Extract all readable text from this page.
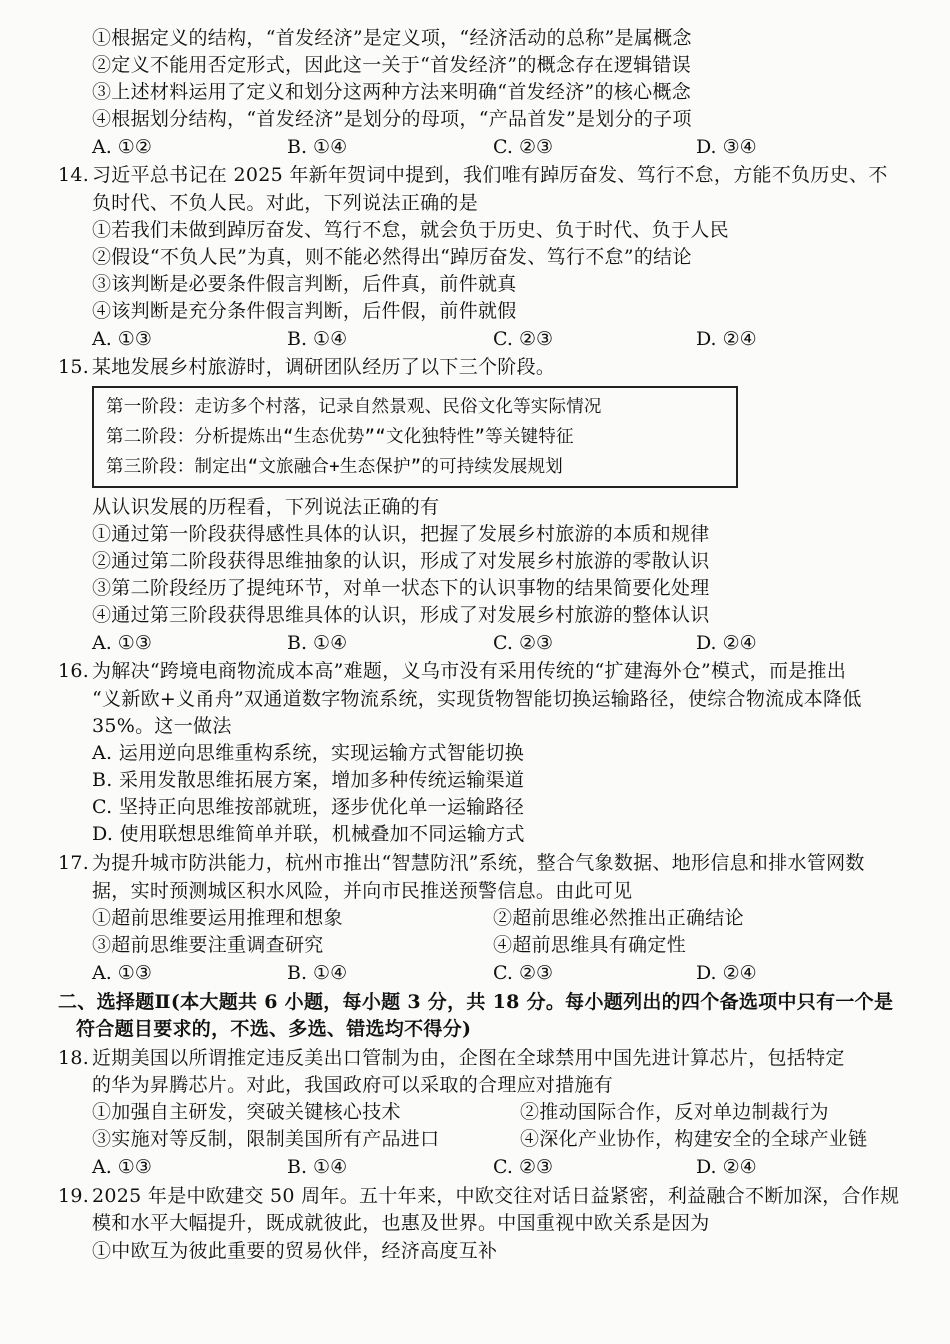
①根据定义的结构，“首发经济”是定义项，“经济活动的总称”是属概念
②定义不能用否定形式，因此这一关于“首发经济”的概念存在逻辑错误
③上述材料运用了定义和划分这两种方法来明确“首发经济”的核心概念
④根据划分结构，“首发经济”是划分的母项，“产品首发”是划分的子项
A. ①②	B. ①④	C. ②③	D. ③④
14. 习近平总书记在 2025 年新年贺词中提到，我们唯有踔厉奋发、笃行不怠，方能不负历史、不
负时代、不负人民。对此，下列说法正确的是
①若我们未做到踔厉奋发、笃行不怠，就会负于历史、负于时代、负于人民
②假设“不负人民”为真，则不能必然得出“踔厉奋发、笃行不怠”的结论
③该判断是必要条件假言判断，后件真，前件就真
④该判断是充分条件假言判断，后件假，前件就假
A. ①③	B. ①④	C. ②③	D. ②④
15. 某地发展乡村旅游时，调研团队经历了以下三个阶段。
第一阶段：走访多个村落，记录自然景观、民俗文化等实际情况
第二阶段：分析提炼出“生态优势”“文化独特性”等关键特征
第三阶段：制定出“文旅融合+生态保护”的可持续发展规划
从认识发展的历程看，下列说法正确的有
①通过第一阶段获得感性具体的认识，把握了发展乡村旅游的本质和规律
②通过第二阶段获得思维抽象的认识，形成了对发展乡村旅游的零散认识
③第二阶段经历了提纯环节，对单一状态下的认识事物的结果简要化处理
④通过第三阶段获得思维具体的认识，形成了对发展乡村旅游的整体认识
A. ①③	B. ①④	C. ②③	D. ②④
16. 为解决“跨境电商物流成本高”难题，义乌市没有采用传统的“扩建海外仓”模式，而是推出
“义新欧+义甬舟”双通道数字物流系统，实现货物智能切换运输路径，使综合物流成本降低
35%。这一做法
A. 运用逆向思维重构系统，实现运输方式智能切换
B. 采用发散思维拓展方案，增加多种传统运输渠道
C. 坚持正向思维按部就班，逐步优化单一运输路径
D. 使用联想思维简单并联，机械叠加不同运输方式
17. 为提升城市防洪能力，杭州市推出“智慧防汛”系统，整合气象数据、地形信息和排水管网数
据，实时预测城区积水风险，并向市民推送预警信息。由此可见
①超前思维要运用推理和想象	②超前思维必然推出正确结论
③超前思维要注重调查研究	④超前思维具有确定性
A. ①③	B. ①④	C. ②③	D. ②④
二、选择题Ⅱ(本大题共 6 小题，每小题 3 分，共 18 分。每小题列出的四个备选项中只有一个是
符合题目要求的，不选、多选、错选均不得分)
18. 近期美国以所谓推定违反美出口管制为由，企图在全球禁用中国先进计算芯片，包括特定
的华为昇腾芯片。对此，我国政府可以采取的合理应对措施有
①加强自主研发，突破关键核心技术	②推动国际合作，反对单边制裁行为
③实施对等反制，限制美国所有产品进口	④深化产业协作，构建安全的全球产业链
A. ①③	B. ①④	C. ②③	D. ②④
19. 2025 年是中欧建交 50 周年。五十年来，中欧交往对话日益紧密，利益融合不断加深，合作规
模和水平大幅提升，既成就彼此，也惠及世界。中国重视中欧关系是因为
①中欧互为彼此重要的贸易伙伴，经济高度互补
